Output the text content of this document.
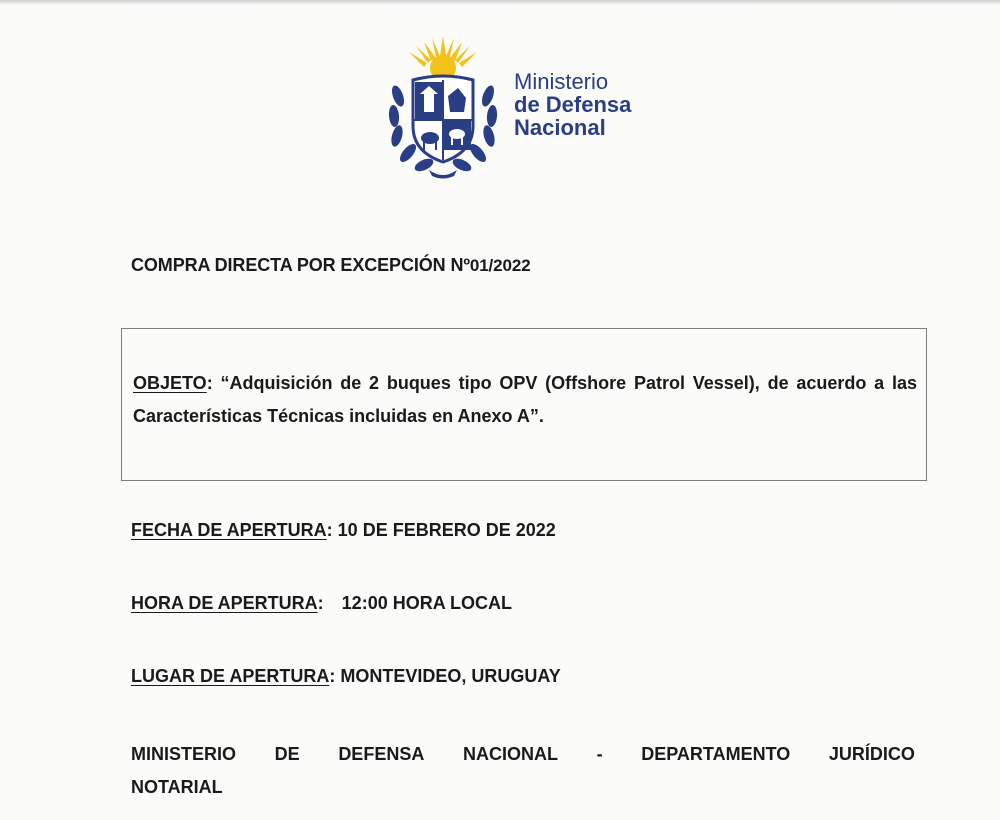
Ministerio
de Defensa
Nacional
COMPRA DIRECTA POR EXCEPCIÓN Nº01/2022
OBJETO: “Adquisición de 2 buques tipo OPV (Offshore Patrol Vessel), de acuerdo a las Características Técnicas incluidas en Anexo A”.
FECHA DE APERTURA: 10 DE FEBRERO DE 2022
HORA DE APERTURA: 12:00 HORA LOCAL
LUGAR DE APERTURA: MONTEVIDEO, URUGUAY
MINISTERIO DE DEFENSA NACIONAL - DEPARTAMENTO JURÍDICO
NOTARIAL
